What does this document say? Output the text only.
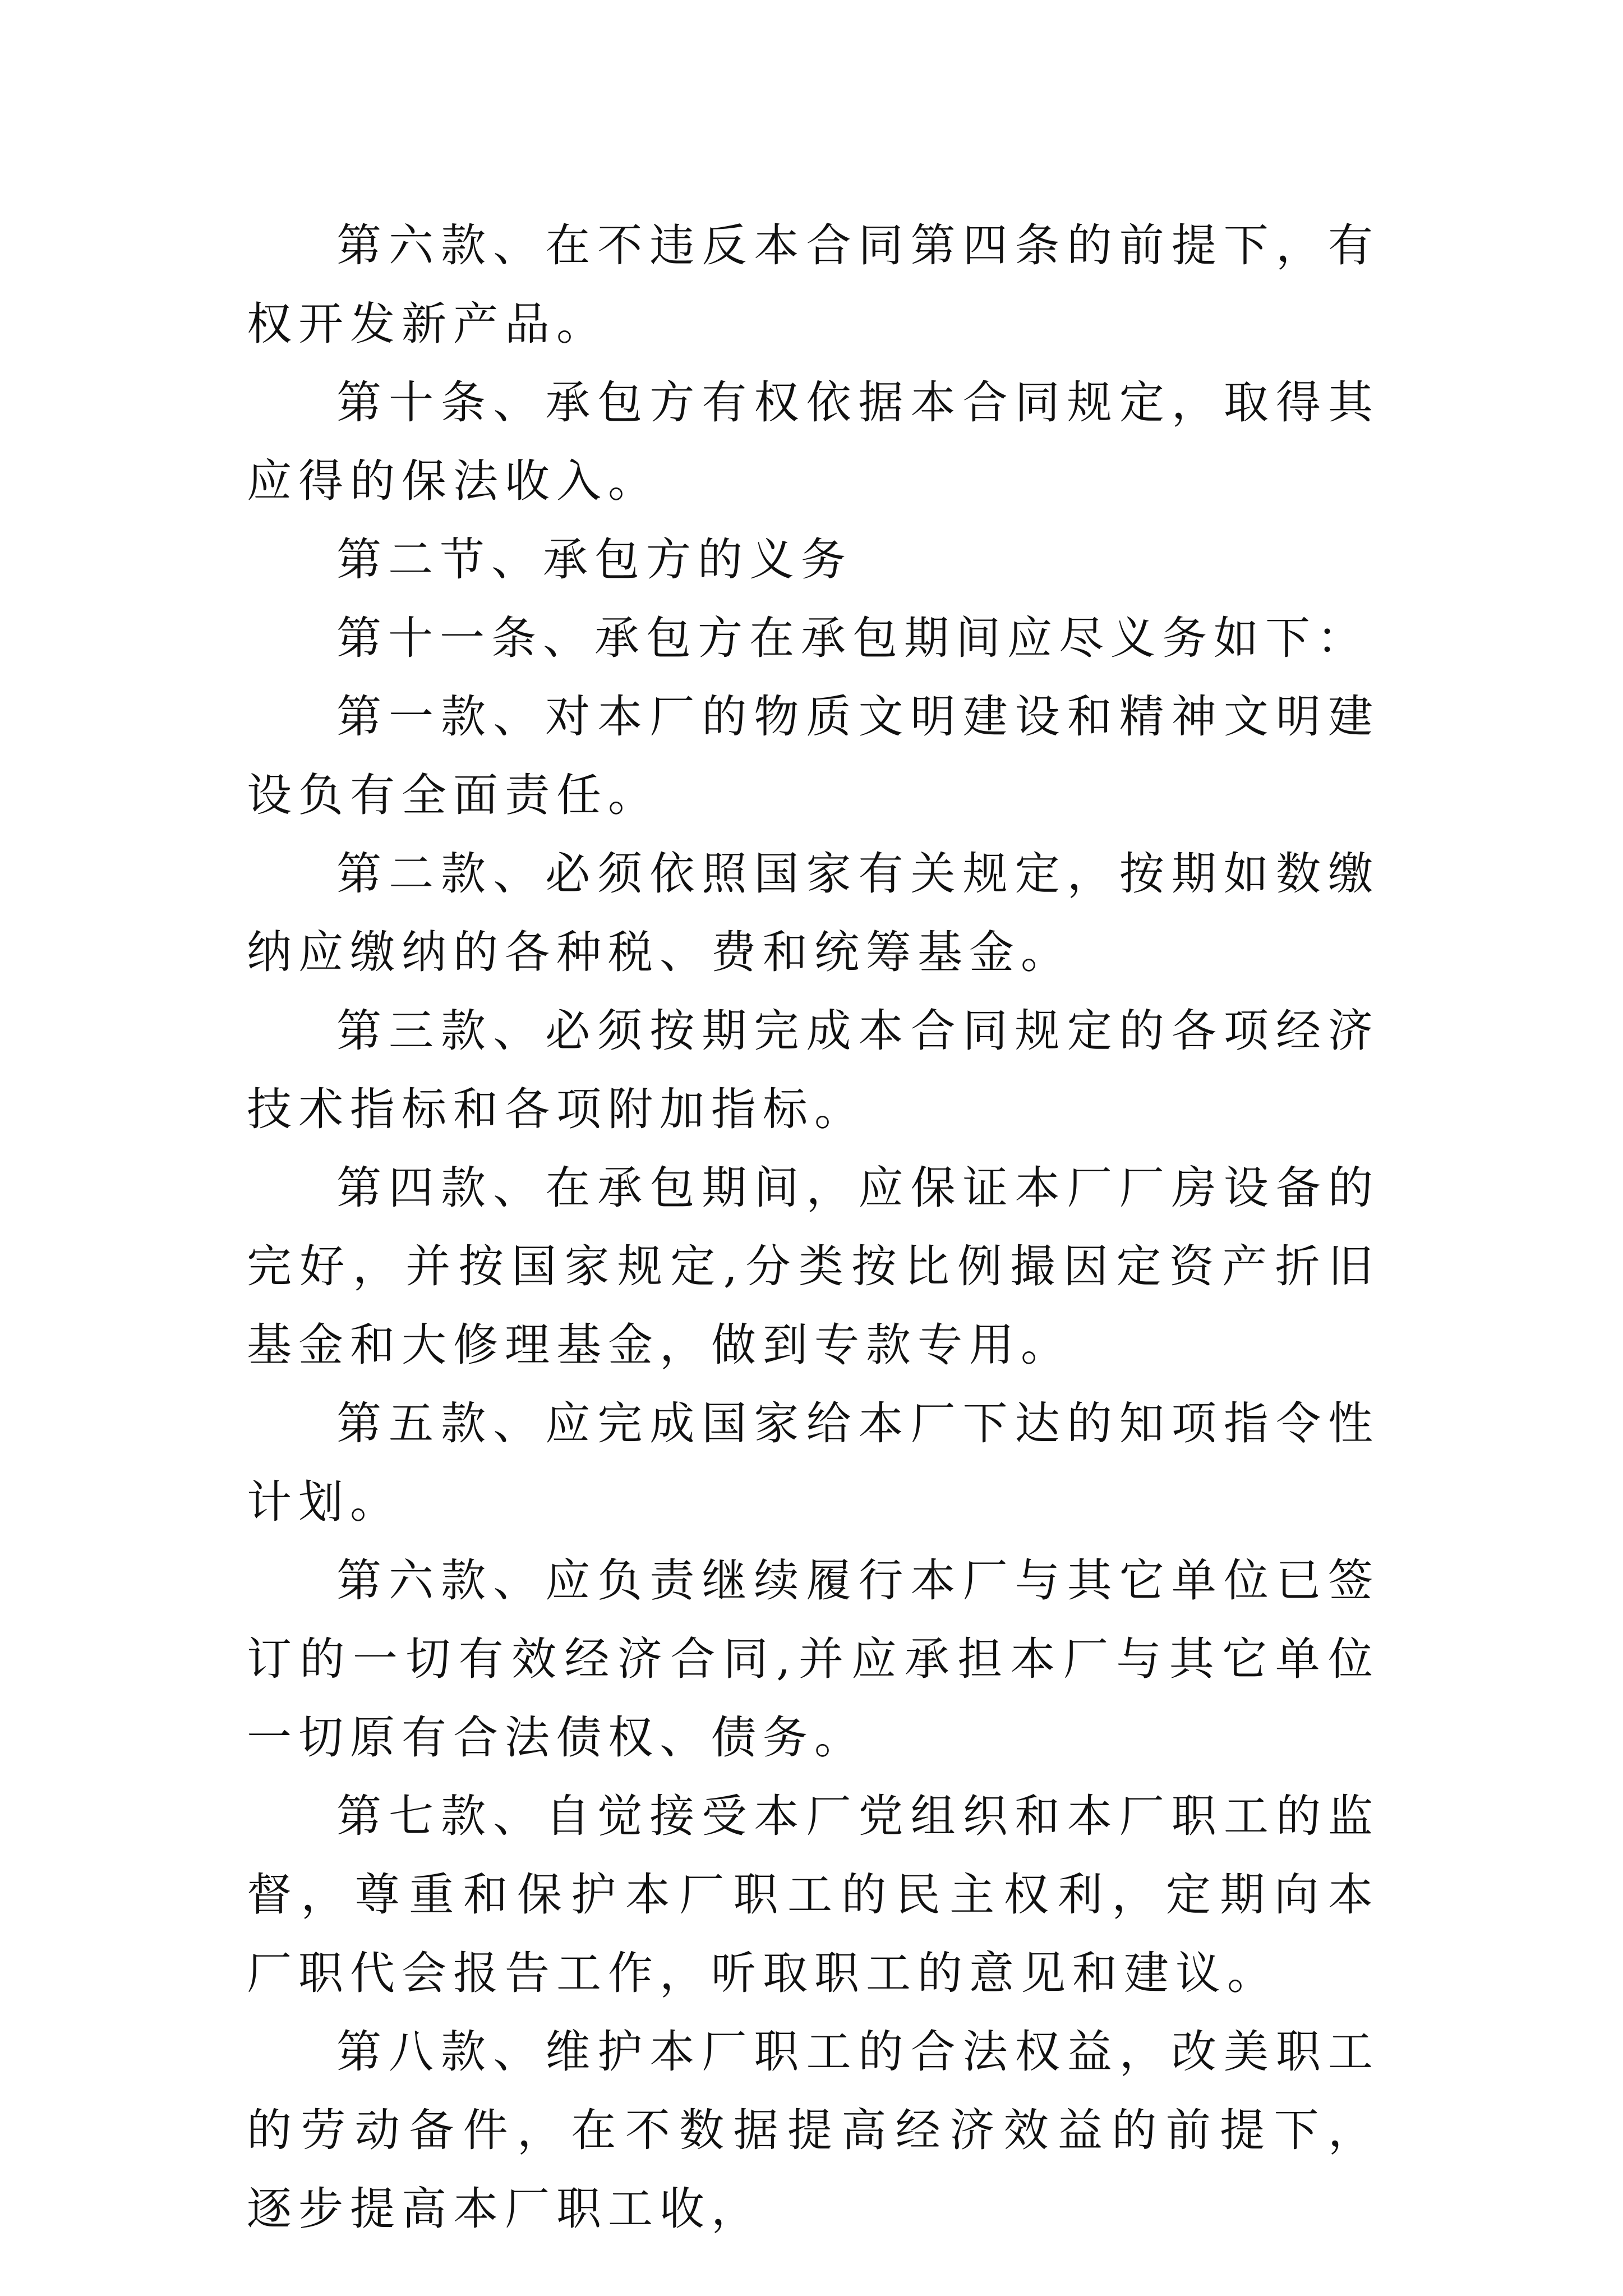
第六款、在不违反本合同第四条的前提下，有权开发新产品。

第十条、承包方有权依据本合同规定，取得其应得的保法收入。

第二节、承包方的义务

第十一条、承包方在承包期间应尽义务如下：

第一款、对本厂的物质文明建设和精神文明建设负有全面责任。

第二款、必须依照国家有关规定，按期如数缴纳应缴纳的各种税、费和统筹基金。

第三款、必须按期完成本合同规定的各项经济技术指标和各项附加指标。

第四款、在承包期间，应保证本厂厂房设备的完好，并按国家规定,分类按比例撮因定资产折旧基金和大修理基金，做到专款专用。

第五款、应完成国家给本厂下达的知项指令性计划。

第六款、应负责继续履行本厂与其它单位已签订的一切有效经济合同,并应承担本厂与其它单位一切原有合法债权、债务。

第七款、自觉接受本厂党组织和本厂职工的监督，尊重和保护本厂职工的民主权利，定期向本厂职代会报告工作，听取职工的意见和建议。

第八款、维护本厂职工的合法权益，改美职工的劳动备件，在不数据提高经济效益的前提下，逐步提高本厂职工收，
